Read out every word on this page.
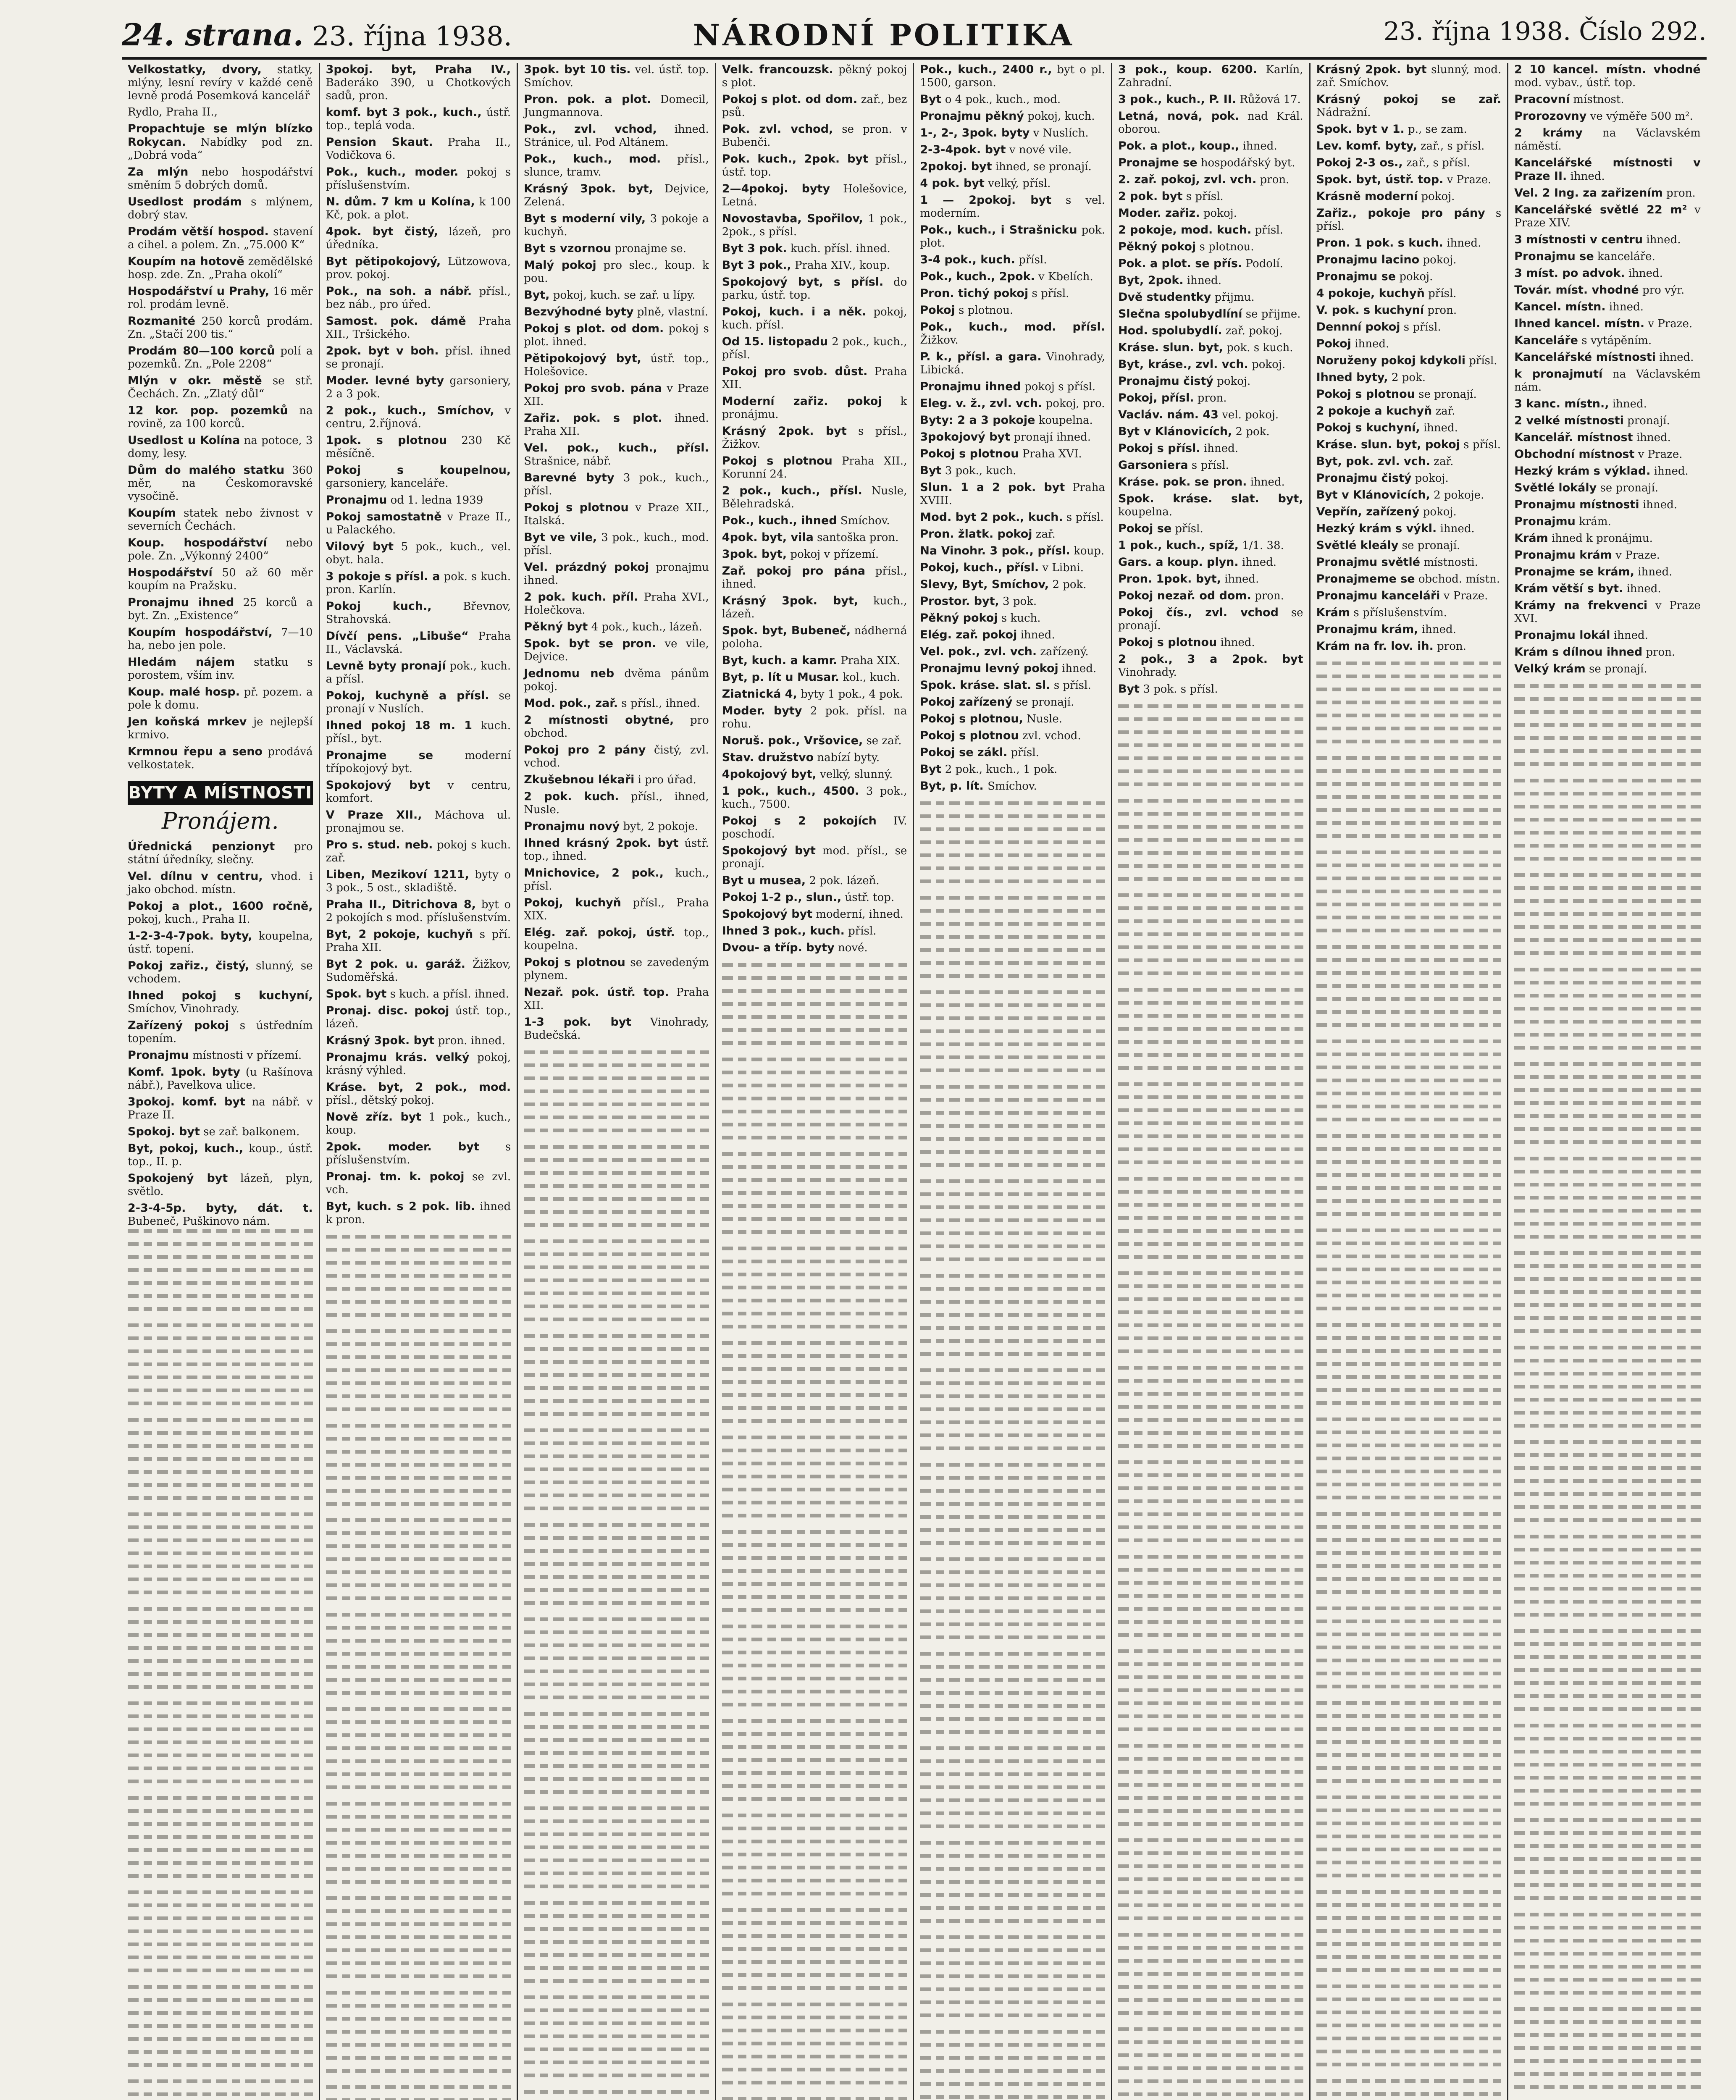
24. strana. 23. října 1938.	NÁRODNÍ POLITIKA	23. října 1938. Číslo 292.
Velkostatky, dvory, statky, mlýny, lesní revíry v každé ceně levně prodá Posemková kancelář
Rydlo, Praha II.,
Propachtuje se mlýn blízko Rokycan. Nabídky pod zn. „Dobrá voda“
Za mlýn nebo hospodářství směním 5 dobrých domů.
Usedlost prodám s mlýnem, dobrý stav.
Prodám větší hospod. stavení a cihel. a polem. Zn. „75.000 K“
Koupím na hotově zemědělské hosp. zde. Zn. „Praha okolí“
Hospodářství u Prahy, 16 měr rol. prodám levně.
Rozmanité 250 korců prodám. Zn. „Stačí 200 tis.“
Prodám 80—100 korců polí a pozemků. Zn. „Pole 2208“
Mlýn v okr. městě se stř. Čechách. Zn. „Zlatý důl“
12 kor. pop. pozemků na rovině, za 100 korců.
Usedlost u Kolína na potoce, 3 domy, lesy.
Dům do malého statku 360 měr, na Českomoravské vysočině.
Koupím statek nebo živnost v severních Čechách.
Koup. hospodářství nebo pole. Zn. „Výkonný 2400“
Hospodářství 50 až 60 měr koupím na Pražsku.
Pronajmu ihned 25 korců a byt. Zn. „Existence“
Koupím hospodářství, 7—10 ha, nebo jen pole.
Hledám nájem statku s porostem, vším inv.
Koup. malé hosp. př. pozem. a pole k domu.
Jen koňská mrkev je nejlepší krmivo.
Krmnou řepu a seno prodává velkostatek.
BYTY A MÍSTNOSTI
Pronájem.
Úřednická penzionyt pro státní úředníky, slečny.
Vel. dílnu v centru, vhod. i jako obchod. místn.
Pokoj a plot., 1600 ročně, pokoj, kuch., Praha II.
1-2-3-4-7pok. byty, koupelna, ústř. topení.
Pokoj zařiz., čistý, slunný, se vchodem.
Ihned pokoj s kuchyní, Smíchov, Vinohrady.
Zařízený pokoj s ústředním topením.
Pronajmu místnosti v přízemí.
Komf. 1pok. byty (u Rašínova nábř.), Pavelkova ulice.
3pokoj. komf. byt na nábř. v Praze II.
Spokoj. byt se zař. balkonem.
Byt, pokoj, kuch., koup., ústř. top., II. p.
Spokojený byt lázeň, plyn, světlo.
2-3-4-5p. byty, dát. t. Bubeneč, Puškinovo nám.
3pokoj. byt, Praha IV., Baderáko 390, u Chotkových sadů, pron.
komf. byt 3 pok., kuch., ústř. top., teplá voda.
Pension Skaut. Praha II., Vodičkova 6.
Pok., kuch., moder. pokoj s příslušenstvím.
N. dům. 7 km u Kolína, k 100 Kč, pok. a plot.
4pok. byt čistý, lázeň, pro úředníka.
Byt pětipokojový, Lützowova, prov. pokoj.
Pok., na soh. a nábř. přísl., bez náb., pro úřed.
Samost. pok. dámě Praha XII., Tršického.
2pok. byt v boh. přísl. ihned se pronají.
Moder. levné byty garsoniery, 2 a 3 pok.
2 pok., kuch., Smíchov, v centru, 2.říjnová.
1pok. s plotnou 230 Kč měsíčně.
Pokoj s koupelnou, garsoniery, kanceláře.
Pronajmu od 1. ledna 1939
Pokoj samostatně v Praze II., u Palackého.
Vilový byt 5 pok., kuch., vel. obyt. hala.
3 pokoje s přísl. a pok. s kuch. pron. Karlín.
Pokoj kuch.,	Břevnov, Strahovská.
Dívčí pens. „Libuše“ Praha II., Václavská.
Levně byty pronají pok., kuch. a přísl.
Pokoj, kuchyně a přísl. se pronají v Nuslích.
Ihned pokoj 18 m. 1 kuch. přísl., byt.
Pronajme se	moderní třípokojový byt.
Spokojový byt v centru, komfort.
V Praze XII., Máchova ul. pronajmou se.
Pro s. stud. neb. pokoj s kuch. zař.
Liben, Mezikoví 1211, byty o 3 pok., 5 ost., skladiště.
Praha II., Ditrichova 8, byt o 2 pokojích s mod. příslušenstvím.
Byt, 2 pokoje, kuchyň s pří. Praha XII.
Byt 2 pok. u. garáž. Žižkov, Sudoměřská.
Spok. byt s kuch. a přísl. ihned.
Pronaj. disc. pokoj ústř. top., lázeň.
Krásný 3pok. byt pron. ihned.
Pronajmu krás. velký pokoj, krásný výhled.
Kráse. byt, 2 pok., mod. přísl., dětský pokoj.
Nově zříz. byt 1 pok., kuch., koup.
2pok. moder. byt s příslušenstvím.
Pronaj. tm. k. pokoj se zvl. vch.
Byt, kuch. s 2 pok. lib. ihned k pron.
3pok. byt 10 tis. vel. ústř. top. Smíchov.
Pron. pok. a plot. Domecil, Jungmannova.
Pok., zvl. vchod, ihned. Stránice, ul. Pod Altánem.
Pok., kuch., mod. přísl., slunce, tramv.
Krásný 3pok. byt, Dejvice, Zelená.
Byt s moderní vily, 3 pokoje a kuchyň.
Byt s vzornou pronajme se.
Malý pokoj pro slec., koup. k pou.
Byt, pokoj, kuch. se zař. u lípy.
Bezvýhodné byty plně, vlastní.
Pokoj s plot. od dom. pokoj s plot. ihned.
Pětipokojový byt, ústř. top., Holešovice.
Pokoj pro svob. pána v Praze XII.
Zařiz. pok. s plot. ihned. Praha XII.
Vel. pok., kuch., přísl. Strašnice, nábř.
Barevné byty 3 pok., kuch., přísl.
Pokoj s plotnou v Praze XII., Italská.
Byt ve vile, 3 pok., kuch., mod. přísl.
Vel. prázdný pokoj pronajmu ihned.
2 pok. kuch. příl. Praha XVI., Holečkova.
Pěkný byt 4 pok., kuch., lázeň.
Spok. byt se pron. ve vile, Dejvice.
Jednomu neb dvěma pánům pokoj.
Mod. pok., zař. s přísl., ihned.
2 místnosti obytné, pro obchod.
Pokoj pro 2 pány čistý, zvl. vchod.
Zkušebnou lékaři i pro úřad.
2 pok. kuch. přísl., ihned, Nusle.
Pronajmu nový byt, 2 pokoje.
Ihned krásný 2pok. byt ústř. top., ihned.
Mnichovice, 2 pok., kuch., přísl.
Pokoj, kuchyň přísl., Praha XIX.
Elég. zař. pokoj, ústř. top., koupelna.
Pokoj s plotnou se zavedeným plynem.
Nezař. pok. ústř. top. Praha XII.
1-3 pok. byt Vinohrady, Budečská.
Velk. francouzsk. pěkný pokoj s plot.
Pokoj s plot. od dom. zař., bez psů.
Pok. zvl. vchod, se pron. v Bubenči.
Pok. kuch., 2pok. byt přísl., ústř. top.
2—4pokoj. byty Holešovice, Letná.
Novostavba, Spořilov, 1 pok., 2pok., s přísl.
Byt 3 pok. kuch. přísl. ihned.
Byt 3 pok., Praha XIV., koup.
Spokojový byt, s přísl. do parku, ústř. top.
Pokoj, kuch. i a něk. pokoj, kuch. přísl.
Od 15. listopadu 2 pok., kuch., přísl.
Pokoj pro svob. důst. Praha XII.
Moderní zařiz. pokoj k pronájmu.
Krásný 2pok. byt s přísl., Žižkov.
Pokoj s plotnou Praha XII., Korunní 24.
2 pok., kuch., přísl. Nusle, Bělehradská.
Pok., kuch., ihned Smíchov.
4pok. byt, vila santoška pron.
3pok. byt, pokoj v přízemí.
Zař. pokoj pro pána přísl., ihned.
Krásný 3pok. byt, kuch., lázeň.
Spok. byt, Bubeneč, nádherná poloha.
Byt, kuch. a kamr. Praha XIX.
Byt, p. lít u Musar. kol., kuch.
Ziatnická 4, byty 1 pok., 4 pok.
Moder. byty 2 pok. přísl. na rohu.
Noruš. pok., Vršovice, se zař.
Stav. družstvo nabízí byty.
4pokojový byt, velký, slunný.
1 pok., kuch., 4500. 3 pok., kuch., 7500.
Pokoj s 2 pokojích IV. poschodí.
Spokojový byt mod. přísl., se pronají.
Byt u musea, 2 pok. lázeň.
Pokoj 1-2 p., slun., ústř. top.
Spokojový byt moderní, ihned.
Ihned 3 pok., kuch. přísl.
Dvou- a tříp. byty nové.
Pok., kuch., 2400 r., byt o pl. 1500, garson.
Byt o 4 pok., kuch., mod.
Pronajmu pěkný pokoj, kuch.
1-, 2-, 3pok. byty v Nuslích.
2-3-4pok. byt v nové vile.
2pokoj. byt ihned, se pronají.
4 pok. byt velký, přísl.
1 — 2pokoj. byt s vel. moderním.
Pok., kuch., i Strašnicku pok. plot.
3-4 pok., kuch. přísl.
Pok., kuch., 2pok. v Kbelích.
Pron. tichý pokoj s přísl.
Pokoj s plotnou.
Pok., kuch., mod. přísl. Žižkov.
P. k., přísl. a gara. Vinohrady, Libická.
Pronajmu ihned pokoj s přísl.
Eleg. v. ž., zvl. vch. pokoj, pro.
Byty: 2 a 3 pokoje koupelna.
3pokojový byt pronají ihned.
Pokoj s plotnou Praha XVI.
Byt 3 pok., kuch.
Slun. 1 a 2 pok. byt Praha XVIII.
Mod. byt 2 pok., kuch. s přísl.
Pron. žlatk. pokoj zař.
Na Vinohr. 3 pok., přísl. koup.
Pokoj, kuch., přísl. v Libni.
Slevy, Byt, Smíchov, 2 pok.
Prostor. byt, 3 pok.
Pěkný pokoj s kuch.
Elég. zař. pokoj ihned.
Vel. pok., zvl. vch. zařízený.
Pronajmu levný pokoj ihned.
Spok. kráse. slat. sl. s přísl.
Pokoj zařízený se pronají.
Pokoj s plotnou, Nusle.
Pokoj s plotnou zvl. vchod.
Pokoj se zákl. přísl.
Byt 2 pok., kuch., 1 pok.
Byt, p. lít. Smíchov.
3 pok., koup. 6200. Karlín, Zahradní.
3 pok., kuch., P. II. Růžová 17.
Letná, nová, pok. nad Král. oborou.
Pok. a plot., koup., ihned.
Pronajme se hospodářský byt.
2. zař. pokoj, zvl. vch. pron.
2 pok. byt s přísl.
Moder. zařiz. pokoj.
2 pokoje, mod. kuch. přísl.
Pěkný pokoj s plotnou.
Pok. a plot. se přís. Podolí.
Byt, 2pok. ihned.
Dvě studentky přijmu.
Slečna spolubydlíní se přijme.
Hod. spolubydlí. zař. pokoj.
Kráse. slun. byt, pok. s kuch.
Byt, kráse., zvl. vch. pokoj.
Pronajmu čistý pokoj.
Pokoj, přísl. pron.
Vacláv. nám. 43 vel. pokoj.
Byt v Klánovicích, 2 pok.
Pokoj s přísl. ihned.
Garsoniera s přísl.
Kráse. pok. se pron. ihned.
Spok. kráse. slat. byt, koupelna.
Pokoj se přísl.
1 pok., kuch., spíž, 1/1. 38.
Gars. a koup. plyn. ihned.
Pron. 1pok. byt, ihned.
Pokoj nezař. od dom. pron.
Pokoj čís., zvl. vchod se pronají.
Pokoj s plotnou ihned.
2 pok., 3 a 2pok. byt Vinohrady.
Byt 3 pok. s přísl.
Krásný 2pok. byt slunný, mod. zař. Smíchov.
Krásný pokoj se zař. Nádražní.
Spok. byt v 1. p., se zam.
Lev. komf. byty, zař., s přísl.
Pokoj 2-3 os., zař., s přísl.
Spok. byt, ústř. top. v Praze.
Krásně moderní pokoj.
Zařiz., pokoje pro pány s přísl.
Pron. 1 pok. s kuch. ihned.
Pronajmu lacino pokoj.
Pronajmu se pokoj.
4 pokoje, kuchyň přísl.
V. pok. s kuchyní pron.
Dennní pokoj s přísl.
Pokoj ihned.
Noruženy pokoj kdykoli přísl.
Ihned byty, 2 pok.
Pokoj s plotnou se pronají.
2 pokoje a kuchyň zař.
Pokoj s kuchyní, ihned.
Kráse. slun. byt, pokoj s přísl.
Byt, pok. zvl. vch. zař.
Pronajmu čistý pokoj.
Byt v Klánovicích, 2 pokoje.
Vepřín, zařízený pokoj.
Hezký krám s výkl. ihned.
Světlé kleály se pronají.
Pronajmu světlé místnosti.
Pronajmeme se obchod. místn.
Pronajmu kanceláři v Praze.
Krám s příslušenstvím.
Pronajmu krám, ihned.
Krám na fr. lov. ih. pron.
2 10 kancel. místn. vhodné mod. vybav., ústř. top.
Pracovní místnost.
Prorozovny ve výměře 500 m².
2 krámy na Václavském náměstí.
Kancelářské místnosti v Praze II. ihned.
Vel. 2 Ing. za zařizením pron.
Kancelářské světlé 22 m² v Praze XIV.
3 místnosti v centru ihned.
Pronajmu se kanceláře.
3 míst. po advok. ihned.
Továr. míst. vhodné pro výr.
Kancel. místn. ihned.
Ihned kancel. místn. v Praze.
Kanceláře s vytápěním.
Kancelářské místnosti ihned.
k pronajmutí na Václavském nám.
3 kanc. místn., ihned.
2 velké místnosti pronají.
Kancelář. místnost ihned.
Obchodní místnost v Praze.
Hezký krám s výklad. ihned.
Světlé lokály se pronají.
Pronajmu místnosti ihned.
Pronajmu krám.
Krám ihned k pronájmu.
Pronajmu krám v Praze.
Pronajme se krám, ihned.
Krám větší s byt. ihned.
Krámy na frekvenci v Praze XVI.
Pronajmu lokál ihned.
Krám s dílnou ihned pron.
Velký krám se pronají.
